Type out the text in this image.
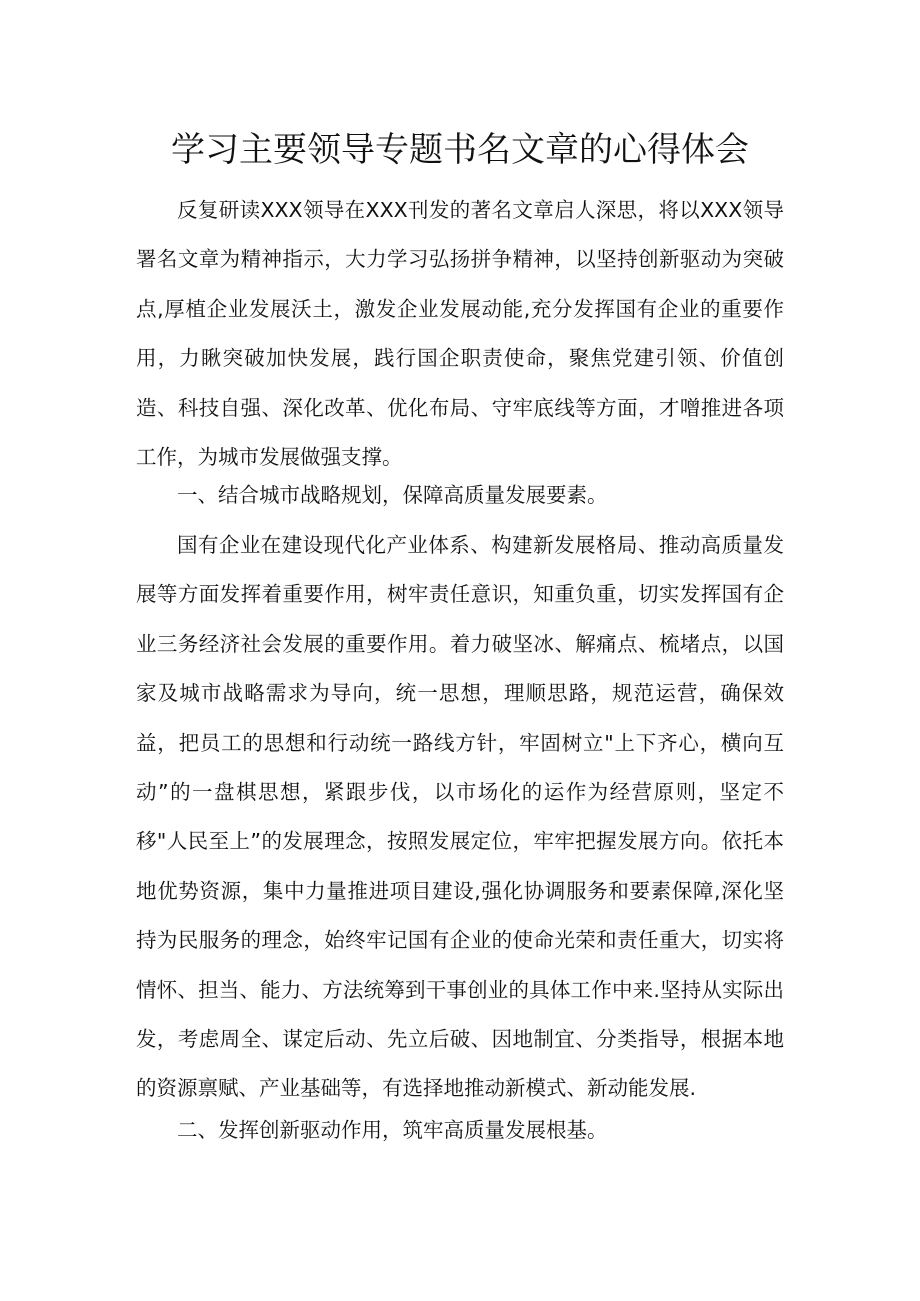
学习主要领导专题书名文章的心得体会

反复研读XXX领导在XXX刊发的著名文章启人深思，将以XXX领导署名文章为精神指示，大力学习弘扬拼争精神，以坚持创新驱动为突破点,厚植企业发展沃土，激发企业发展动能,充分发挥国有企业的重要作用，力瞅突破加快发展，践行国企职责使命，聚焦党建引领、价值创造、科技自强、深化改革、优化布局、守牢底线等方面，才噌推进各项工作，为城市发展做强支撑。

一、结合城市战略规划，保障高质量发展要素。

国有企业在建设现代化产业体系、构建新发展格局、推动高质量发展等方面发挥着重要作用，树牢责任意识，知重负重，切实发挥国有企业三务经济社会发展的重要作用。着力破坚冰、解痛点、梳堵点，以国家及城市战略需求为导向，统一思想，理顺思路，规范运营，确保效益，把员工的思想和行动统一路线方针，牢固树立"上下齐心，横向互动”的一盘棋思想，紧跟步伐，以市场化的运作为经营原则，坚定不移"人民至上”的发展理念，按照发展定位，牢牢把握发展方向。依托本地优势资源，集中力量推进项目建设,强化协调服务和要素保障,深化坚持为民服务的理念，始终牢记国有企业的使命光荣和责任重大，切实将情怀、担当、能力、方法统筹到干事创业的具体工作中来.坚持从实际出发，考虑周全、谋定后动、先立后破、因地制宜、分类指导，根据本地的资源禀赋、产业基础等，有选择地推动新模式、新动能发展.

二、发挥创新驱动作用，筑牢高质量发展根基。
